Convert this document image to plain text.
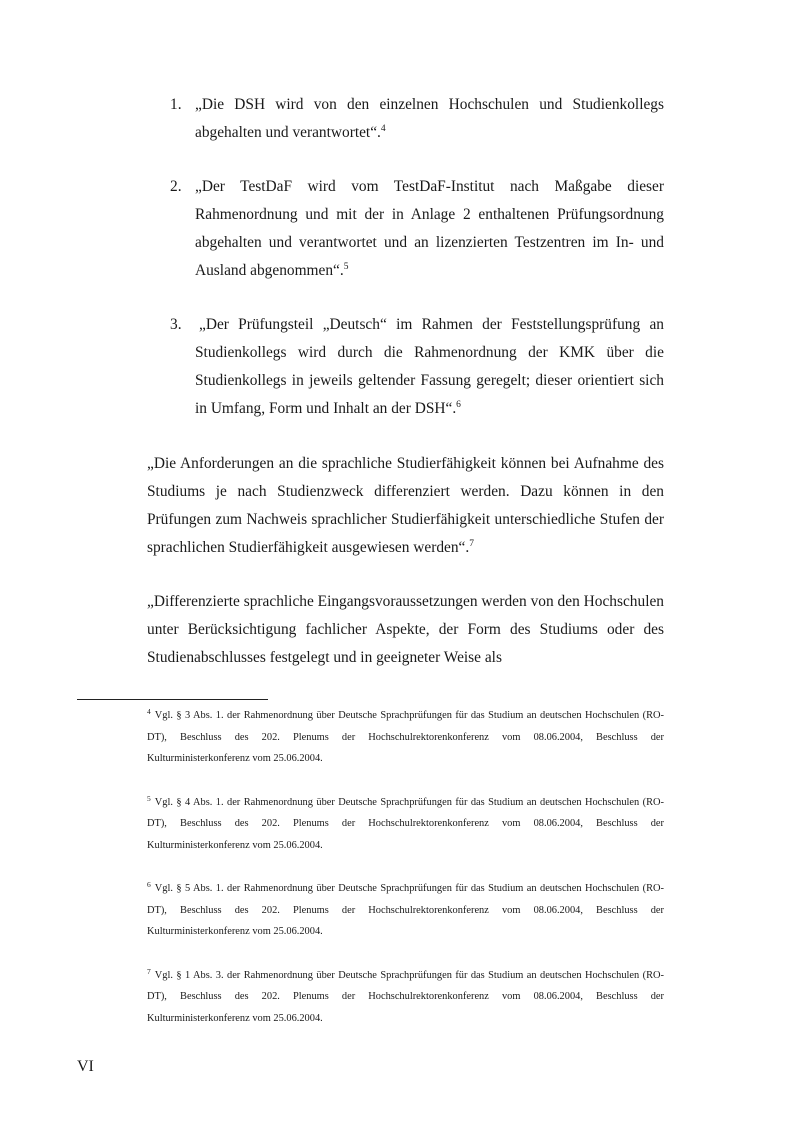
1. „Die DSH wird von den einzelnen Hochschulen und Studienkollegs abgehalten und verantwortet“.$^4$
2. „Der TestDaF wird vom TestDaF-Institut nach Maßgabe dieser Rahmenordnung und mit der in Anlage 2 enthaltenen Prüfungsordnung abgehalten und verantwortet und an lizenzierten Testzentren im In- und Ausland abgenommen“.$^5$
3. „Der Prüfungsteil „Deutsch“ im Rahmen der Feststellungsprüfung an Studienkollegs wird durch die Rahmenordnung der KMK über die Studienkollegs in jeweils geltender Fassung geregelt; dieser orientiert sich in Umfang, Form und Inhalt an der DSH“.$^6$

„Die Anforderungen an die sprachliche Studierfähigkeit können bei Aufnahme des Studiums je nach Studienzweck differenziert werden. Dazu können in den Prüfungen zum Nachweis sprachlicher Studierfähigkeit unterschiedliche Stufen der sprachlichen Studierfähigkeit ausgewiesen werden“.$^7$

„Differenzierte sprachliche Eingangsvoraussetzungen werden von den Hochschulen unter Berücksichtigung fachlicher Aspekte, der Form des Studiums oder des Studienabschlusses festgelegt und in geeigneter Weise als

$^4$ Vgl. § 3 Abs. 1. der Rahmenordnung über Deutsche Sprachprüfungen für das Studium an deutschen Hochschulen (RO-DT), Beschluss des 202. Plenums der Hochschulrektorenkonferenz vom 08.06.2004, Beschluss der Kulturministerkonferenz vom 25.06.2004.

$^5$ Vgl. § 4 Abs. 1. der Rahmenordnung über Deutsche Sprachprüfungen für das Studium an deutschen Hochschulen (RO-DT), Beschluss des 202. Plenums der Hochschulrektorenkonferenz vom 08.06.2004, Beschluss der Kulturministerkonferenz vom 25.06.2004.

$^6$ Vgl. § 5 Abs. 1. der Rahmenordnung über Deutsche Sprachprüfungen für das Studium an deutschen Hochschulen (RO-DT), Beschluss des 202. Plenums der Hochschulrektorenkonferenz vom 08.06.2004, Beschluss der Kulturministerkonferenz vom 25.06.2004.

$^7$ Vgl. § 1 Abs. 3. der Rahmenordnung über Deutsche Sprachprüfungen für das Studium an deutschen Hochschulen (RO-DT), Beschluss des 202. Plenums der Hochschulrektorenkonferenz vom 08.06.2004, Beschluss der Kulturministerkonferenz vom 25.06.2004.

VI
